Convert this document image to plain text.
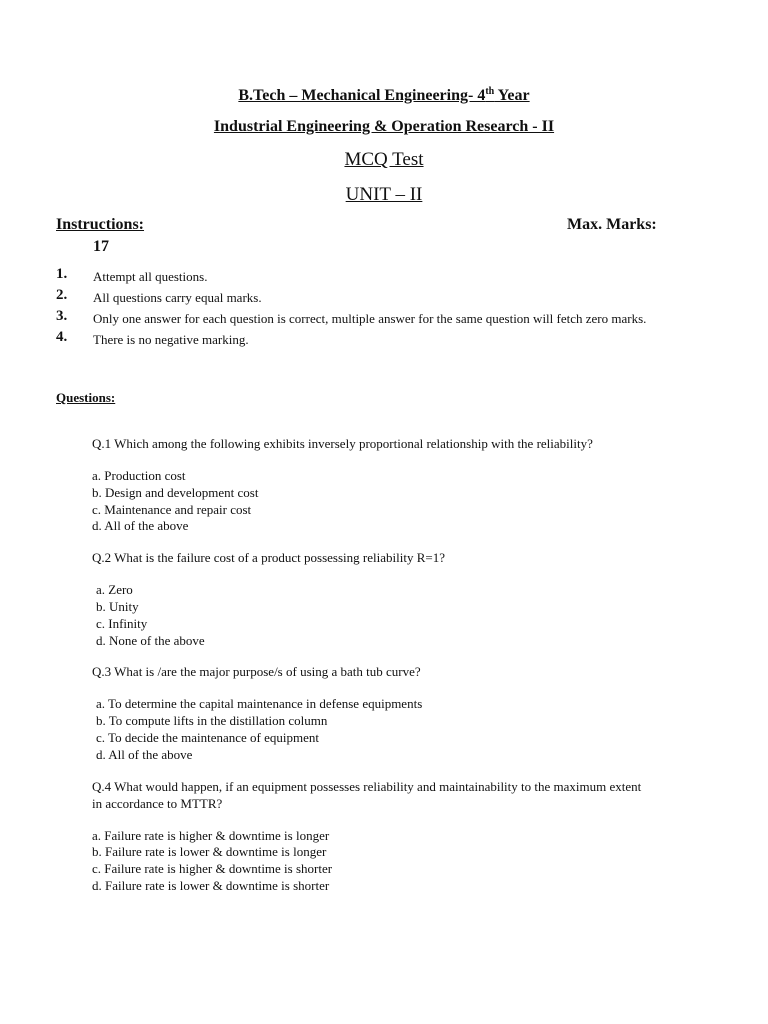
B.Tech – Mechanical Engineering- 4th Year
Industrial Engineering & Operation Research - II
MCQ Test
UNIT – II
Instructions:	Max. Marks:
17
1. Attempt all questions.
2. All questions carry equal marks.
3. Only one answer for each question is correct, multiple answer for the same question will fetch zero marks.
4. There is no negative marking.
Questions:

Q.1 Which among the following exhibits inversely proportional relationship with the reliability?

a. Production cost
b. Design and development cost
c. Maintenance and repair cost
d. All of the above

Q.2 What is the failure cost of a product possessing reliability R=1?

a. Zero
b. Unity
c. Infinity
d. None of the above

Q.3 What is /are the major purpose/s of using a bath tub curve?

a. To determine the capital maintenance in defense equipments
b. To compute lifts in the distillation column
c. To decide the maintenance of equipment
d. All of the above

Q.4 What would happen, if an equipment possesses reliability and maintainability to the maximum extent in accordance to MTTR?

a. Failure rate is higher & downtime is longer
b. Failure rate is lower & downtime is longer
c. Failure rate is higher & downtime is shorter
d. Failure rate is lower & downtime is shorter
